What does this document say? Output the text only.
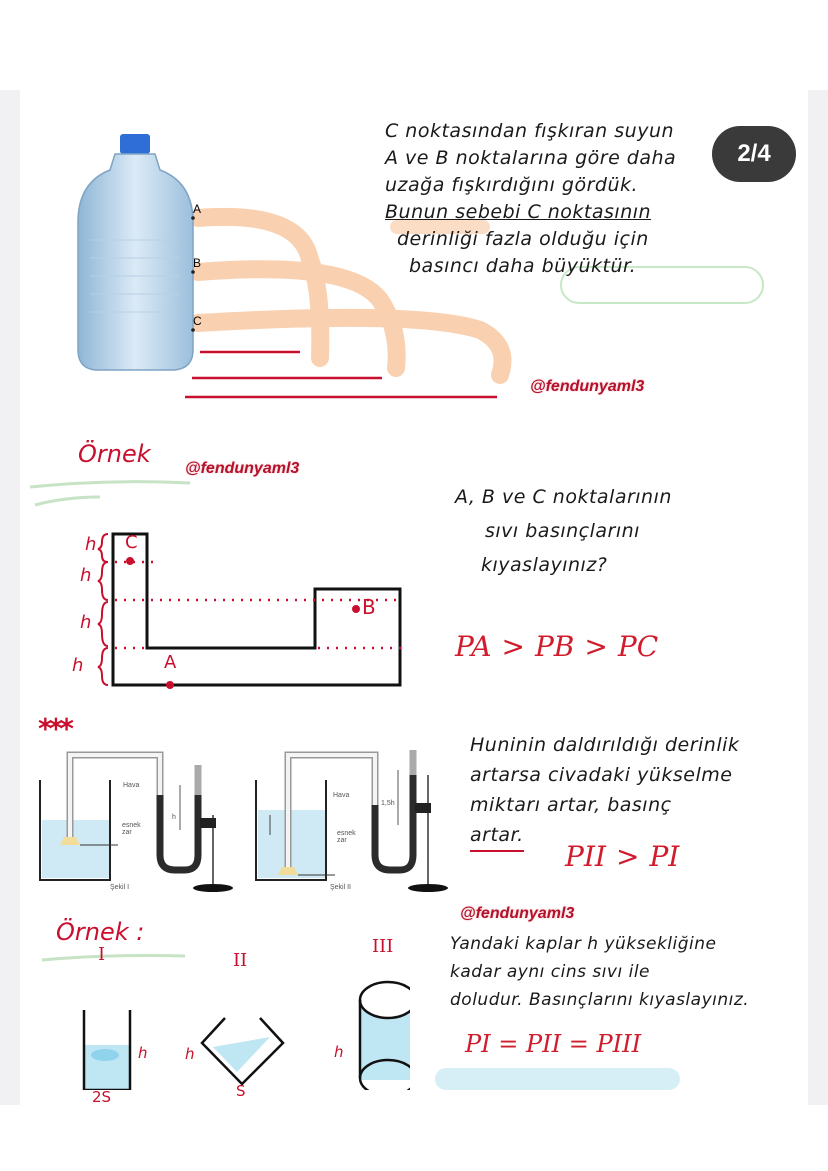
2/4
A
B
C
C noktasından fışkıran suyun
A ve B noktalarına göre daha
uzağa fışkırdığını gördük.
Bunun sebebi C noktasının
derinliği fazla olduğu için
basıncı daha büyüktür.
@fendunyaml3
Örnek
@fendunyaml3
h
h
h
h	A
B
C
A, B ve C noktalarının
sıvı basınçlarını
kıyaslayınız?
PA > PB > PC
***
Hava
esnek zar
h
Şekil I
Hava
esnek zar
1,5h
Şekil II
Huninin daldırıldığı derinlik
artarsa civadaki yükselme
miktarı artar, basınç
artar.
PII > PI
Örnek :
I	II
III
2S	S
h h	h
@fendunyaml3
Yandaki kaplar h yüksekliğine
kadar aynı cins sıvı ile
doludur. Basınçlarını kıyaslayınız.
PI = PII = PIII
